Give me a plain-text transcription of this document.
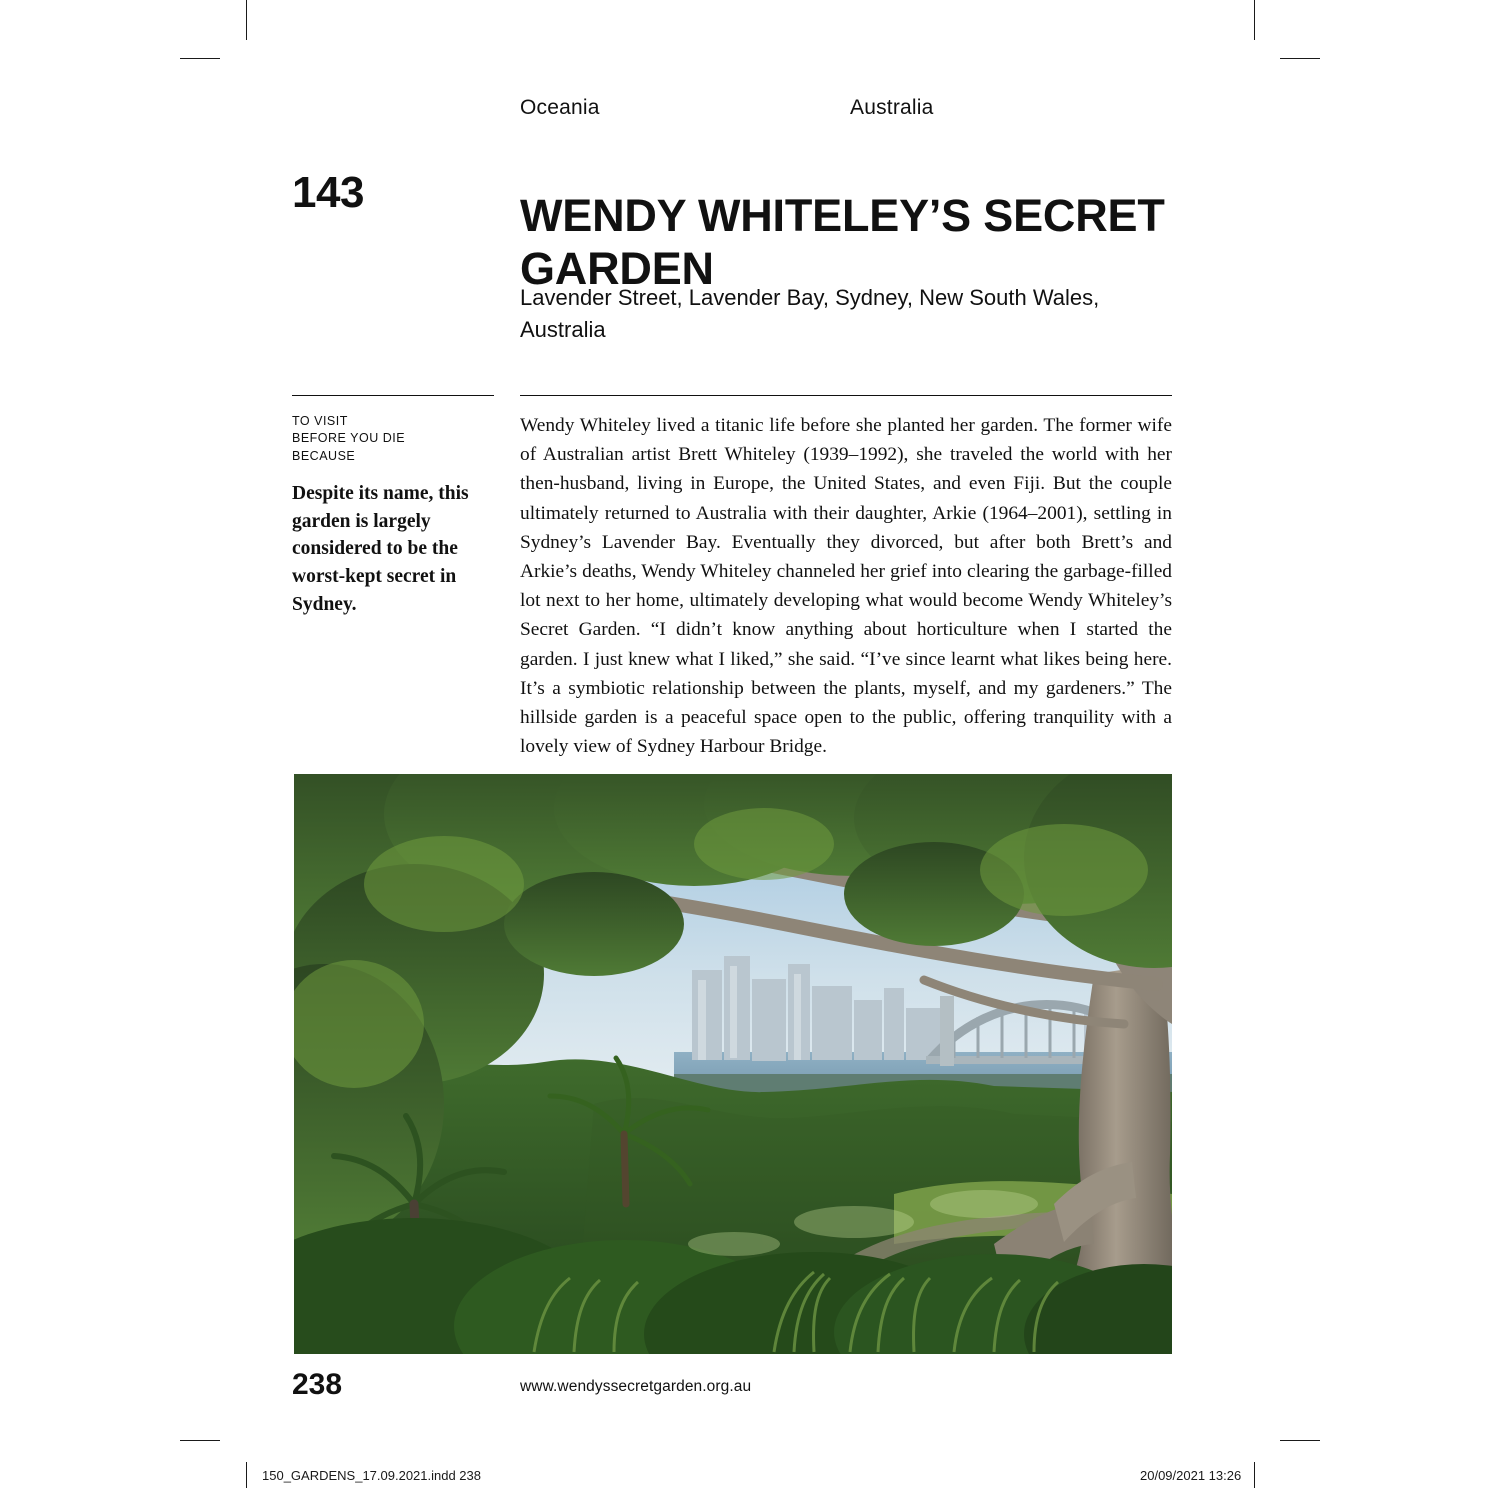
Oceania	Australia
143	WENDY WHITELEY’S SECRET GARDEN
Lavender Street, Lavender Bay, Sydney, New South Wales, Australia
TO VISIT
BEFORE YOU DIE
BECAUSE
Despite its name, this garden is largely considered to be the worst-kept secret in Sydney.
Wendy Whiteley lived a titanic life before she planted her garden. The former wife of Australian artist Brett Whiteley (1939–1992), she traveled the world with her then-husband, living in Europe, the United States, and even Fiji. But the couple ultimately returned to Australia with their daughter, Arkie (1964–2001), settling in Sydney’s Lavender Bay. Eventually they divorced, but after both Brett’s and Arkie’s deaths, Wendy Whiteley channeled her grief into clearing the garbage-filled lot next to her home, ultimately developing what would become Wendy Whiteley’s Secret Garden. “I didn’t know anything about horticulture when I started the garden. I just knew what I liked,” she said. “I’ve since learnt what likes being here. It’s a symbiotic relationship between the plants, myself, and my gardeners.” The hillside garden is a peaceful space open to the public, offering tranquility with a lovely view of Sydney Harbour Bridge.
238	www.wendyssecretgarden.org.au
150_GARDENS_17.09.2021.indd 238	20/09/2021 13:26
